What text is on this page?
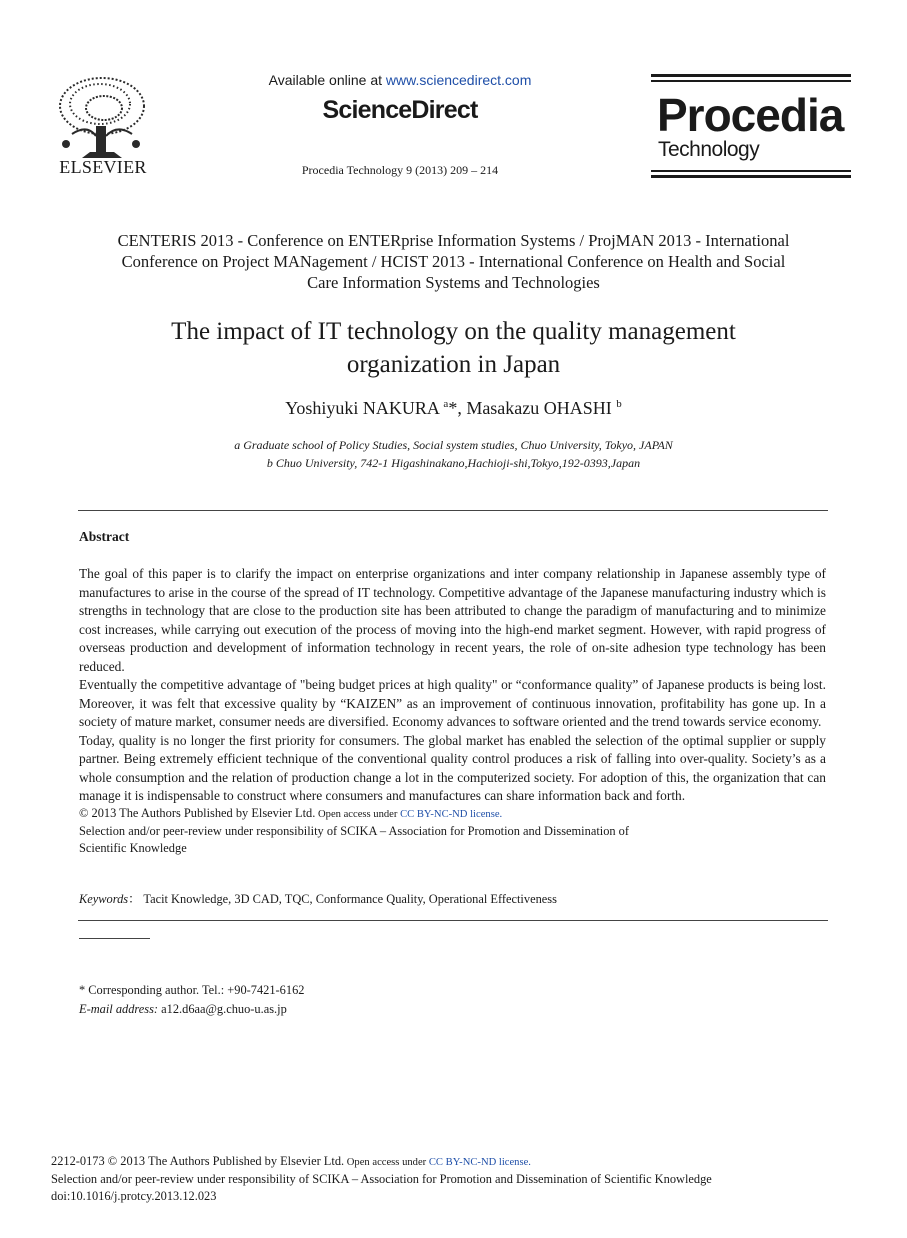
ELSEVIER
Available online at www.sciencedirect.com
ScienceDirect
Procedia Technology 9 (2013) 209 – 214
Procedia
Technology
CENTERIS 2013 - Conference on ENTERprise Information Systems / ProjMAN 2013 - International
Conference on Project MANagement / HCIST 2013 - International Conference on Health and Social
Care Information Systems and Technologies
The impact of IT technology on the quality management
organization in Japan
Yoshiyuki NAKURA $^a$*, Masakazu OHASHI $^b$
a Graduate school of Policy Studies, Social system studies, Chuo University, Tokyo, JAPAN
b Chuo University, 742-1 Higashinakano,Hachioji-shi,Tokyo,192-0393,Japan
Abstract

The goal of this paper is to clarify the impact on enterprise organizations and inter company relationship in Japanese assembly type of manufactures to arise in the course of the spread of IT technology. Competitive advantage of the Japanese manufacturing industry which is strengths in technology that are close to the production site has been attributed to change the paradigm of manufacturing and to minimize cost increases, while carrying out execution of the process of moving into the high-end market segment. However, with rapid progress of overseas production and development of information technology in recent years, the role of on-site adhesion type technology has been reduced.

Eventually the competitive advantage of "being budget prices at high quality" or “conformance quality” of Japanese products is being lost. Moreover, it was felt that excessive quality by “KAIZEN” as an improvement of continuous innovation, profitability has gone up. In a society of mature market, consumer needs are diversified. Economy advances to software oriented and the trend towards service economy.

Today, quality is no longer the first priority for consumers. The global market has enabled the selection of the optimal supplier or supply partner. Being extremely efficient technique of the conventional quality control produces a risk of falling into over-quality. Society’s as a whole consumption and the relation of production change a lot in the computerized society. For adoption of this, the organization that can manage it is indispensable to construct where consumers and manufactures can share information back and forth.

© 2013 The Authors Published by Elsevier Ltd. Open access under CC BY-NC-ND license.
Selection and/or peer-review under responsibility of SCIKA – Association for Promotion and Dissemination of
Scientific Knowledge
Keywords： Tacit Knowledge, 3D CAD, TQC, Conformance Quality, Operational Effectiveness
* Corresponding author. Tel.: +90-7421-6162
E-mail address: a12.d6aa@g.chuo-u.as.jp
2212-0173 © 2013 The Authors Published by Elsevier Ltd. Open access under CC BY-NC-ND license.
Selection and/or peer-review under responsibility of SCIKA – Association for Promotion and Dissemination of Scientific Knowledge
doi:10.1016/j.protcy.2013.12.023
